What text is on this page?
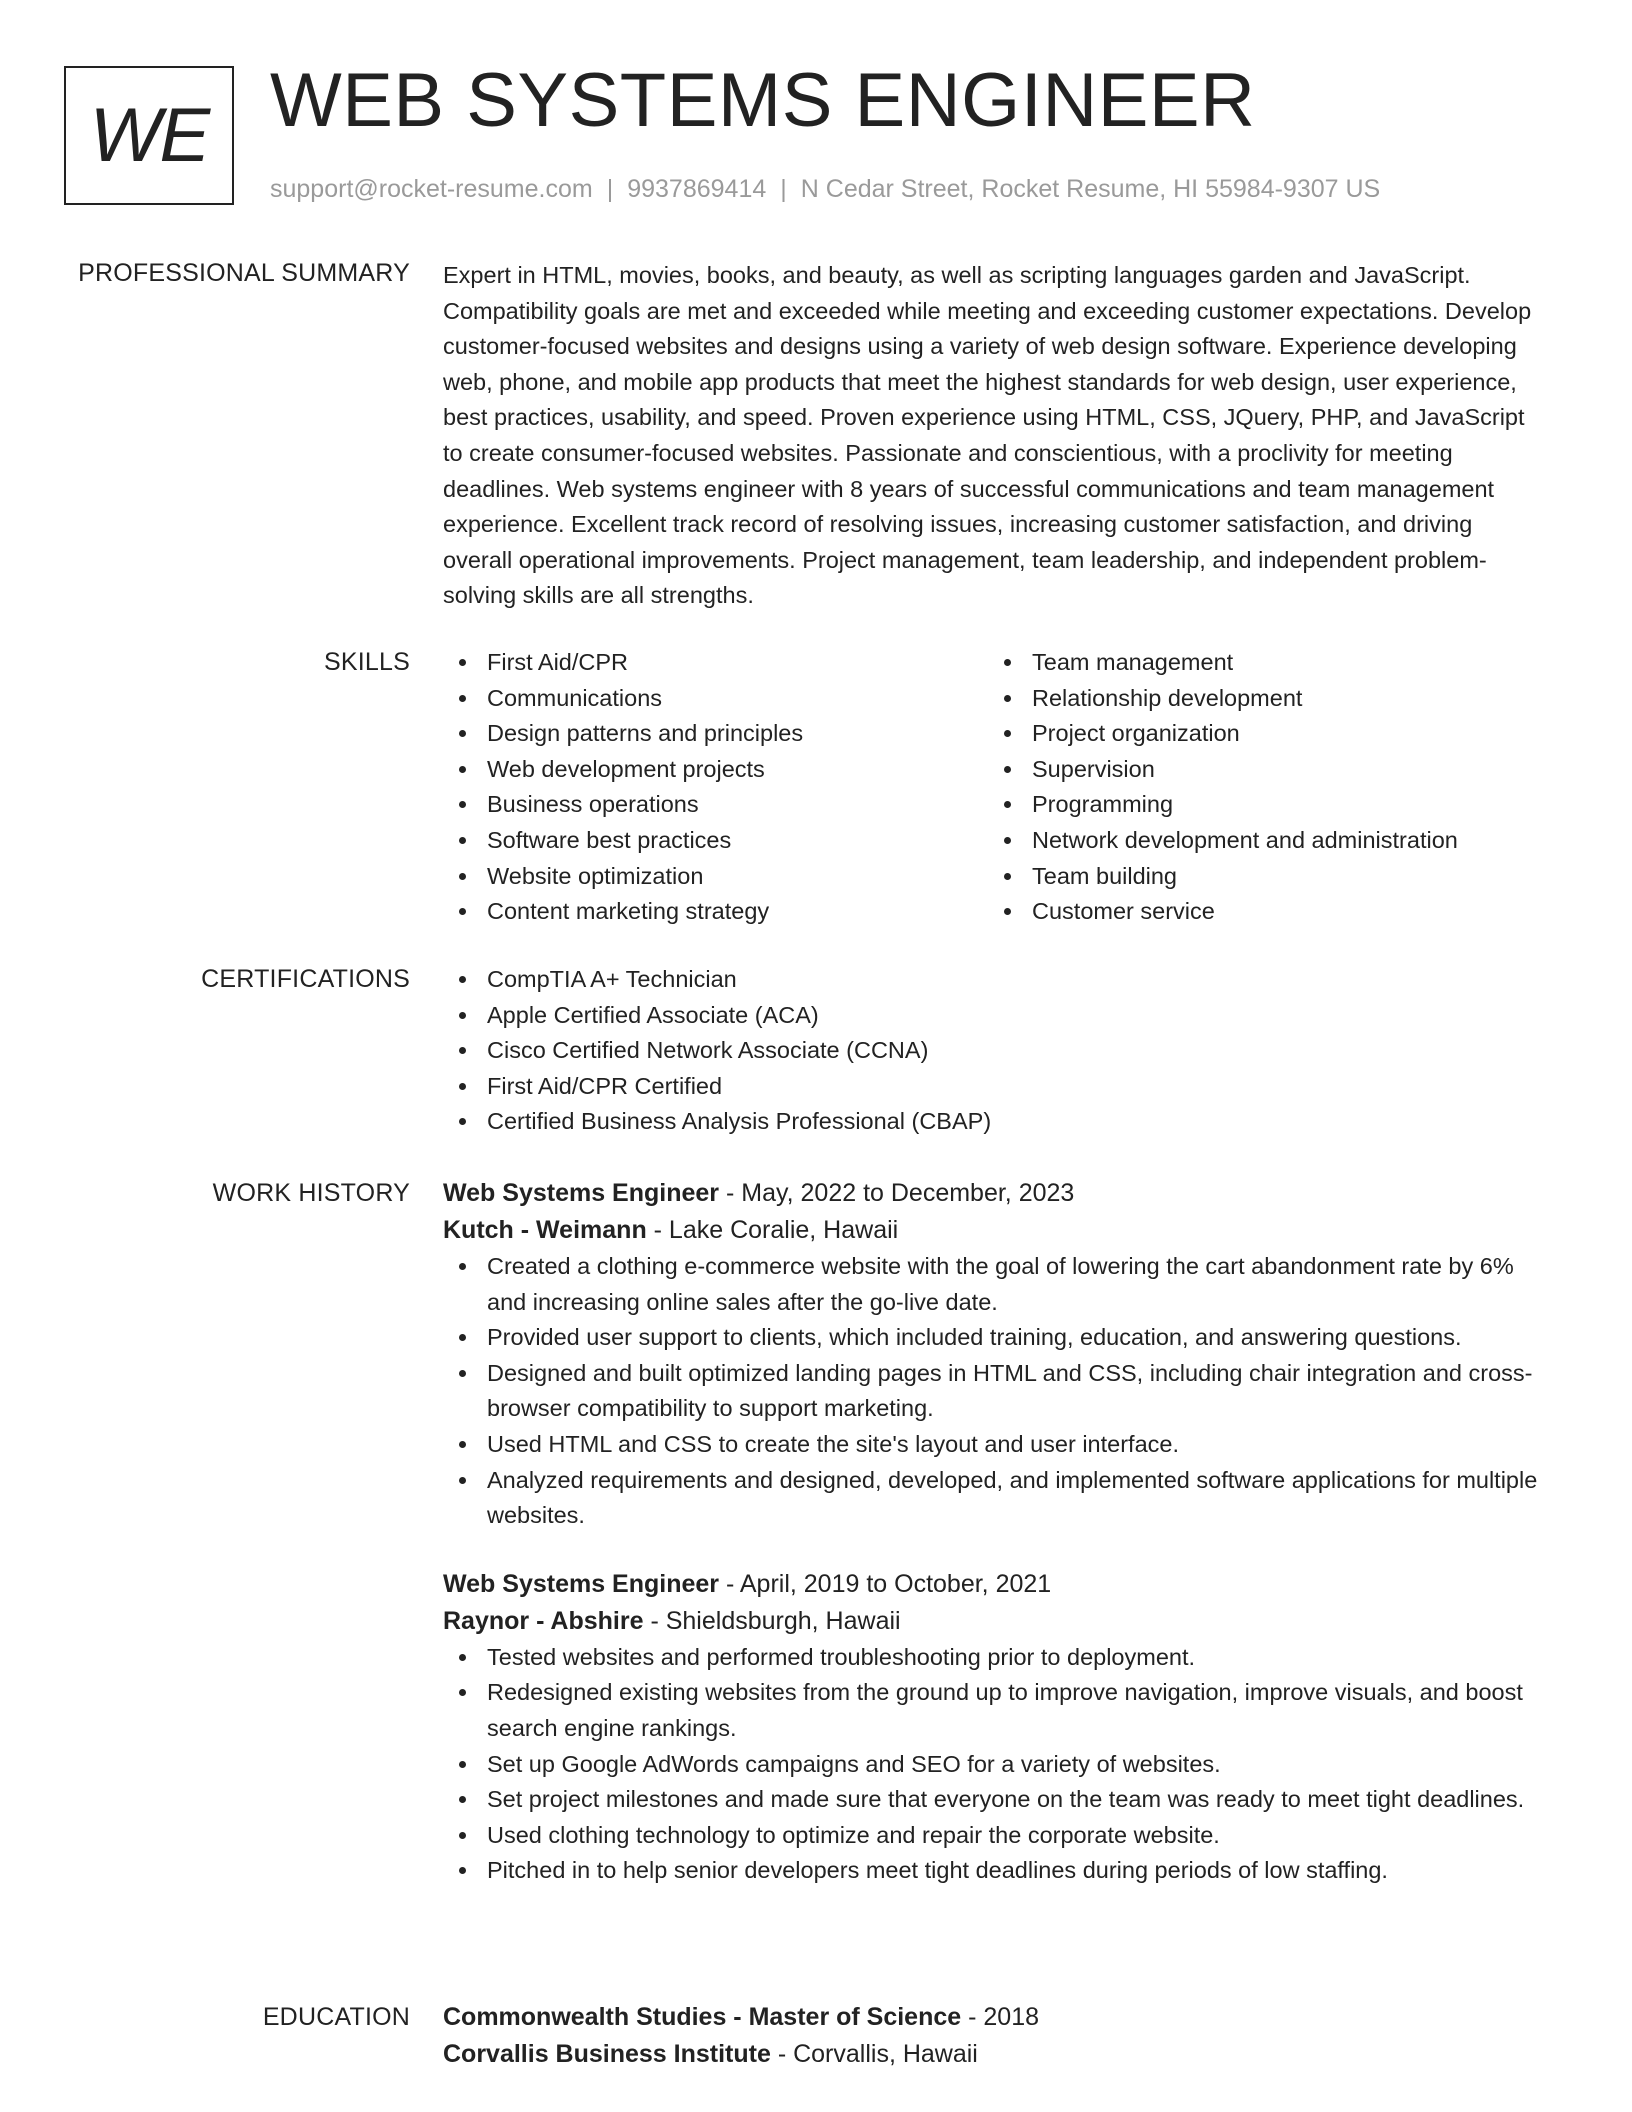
WE WEB SYSTEMS ENGINEER
support@rocket-resume.com | 9937869414 | N Cedar Street, Rocket Resume, HI 55984-9307 US
PROFESSIONAL SUMMARY Expert in HTML, movies, books, and beauty, as well as scripting languages garden and JavaScript. Compatibility goals are met and exceeded while meeting and exceeding customer expectations. Develop customer-focused websites and designs using a variety of web design software. Experience developing web, phone, and mobile app products that meet the highest standards for web design, user experience, best practices, usability, and speed. Proven experience using HTML, CSS, JQuery, PHP, and JavaScript to create consumer-focused websites. Passionate and conscientious, with a proclivity for meeting deadlines. Web systems engineer with 8 years of successful communications and team management experience. Excellent track record of resolving issues, increasing customer satisfaction, and driving overall operational improvements. Project management, team leadership, and independent problem-solving skills are all strengths.

SKILLS	First Aid/CPR
Communications
Design patterns and principles
Web development projects
Business operations
Software best practices
Website optimization
Content marketing strategy
Team management
Relationship development
Project organization
Supervision
Programming
Network development and administration
Team building
Customer service
CERTIFICATIONS	CompTIA A+ Technician
Apple Certified Associate (ACA)
Cisco Certified Network Associate (CCNA)
First Aid/CPR Certified
Certified Business Analysis Professional (CBAP)
WORK HISTORY Web Systems Engineer - May, 2022 to December, 2023
Kutch - Weimann - Lake Coralie, Hawaii
Created a clothing e-commerce website with the goal of lowering the cart abandonment rate by 6% and increasing online sales after the go-live date.
Provided user support to clients, which included training, education, and answering questions.
Designed and built optimized landing pages in HTML and CSS, including chair integration and cross-browser compatibility to support marketing.
Used HTML and CSS to create the site's layout and user interface.
Analyzed requirements and designed, developed, and implemented software applications for multiple websites.
Web Systems Engineer - April, 2019 to October, 2021
Raynor - Abshire - Shieldsburgh, Hawaii
Tested websites and performed troubleshooting prior to deployment.
Redesigned existing websites from the ground up to improve navigation, improve visuals, and boost search engine rankings.
Set up Google AdWords campaigns and SEO for a variety of websites.
Set project milestones and made sure that everyone on the team was ready to meet tight deadlines.
Used clothing technology to optimize and repair the corporate website.
Pitched in to help senior developers meet tight deadlines during periods of low staffing.
EDUCATION Commonwealth Studies - Master of Science - 2018
Corvallis Business Institute - Corvallis, Hawaii
